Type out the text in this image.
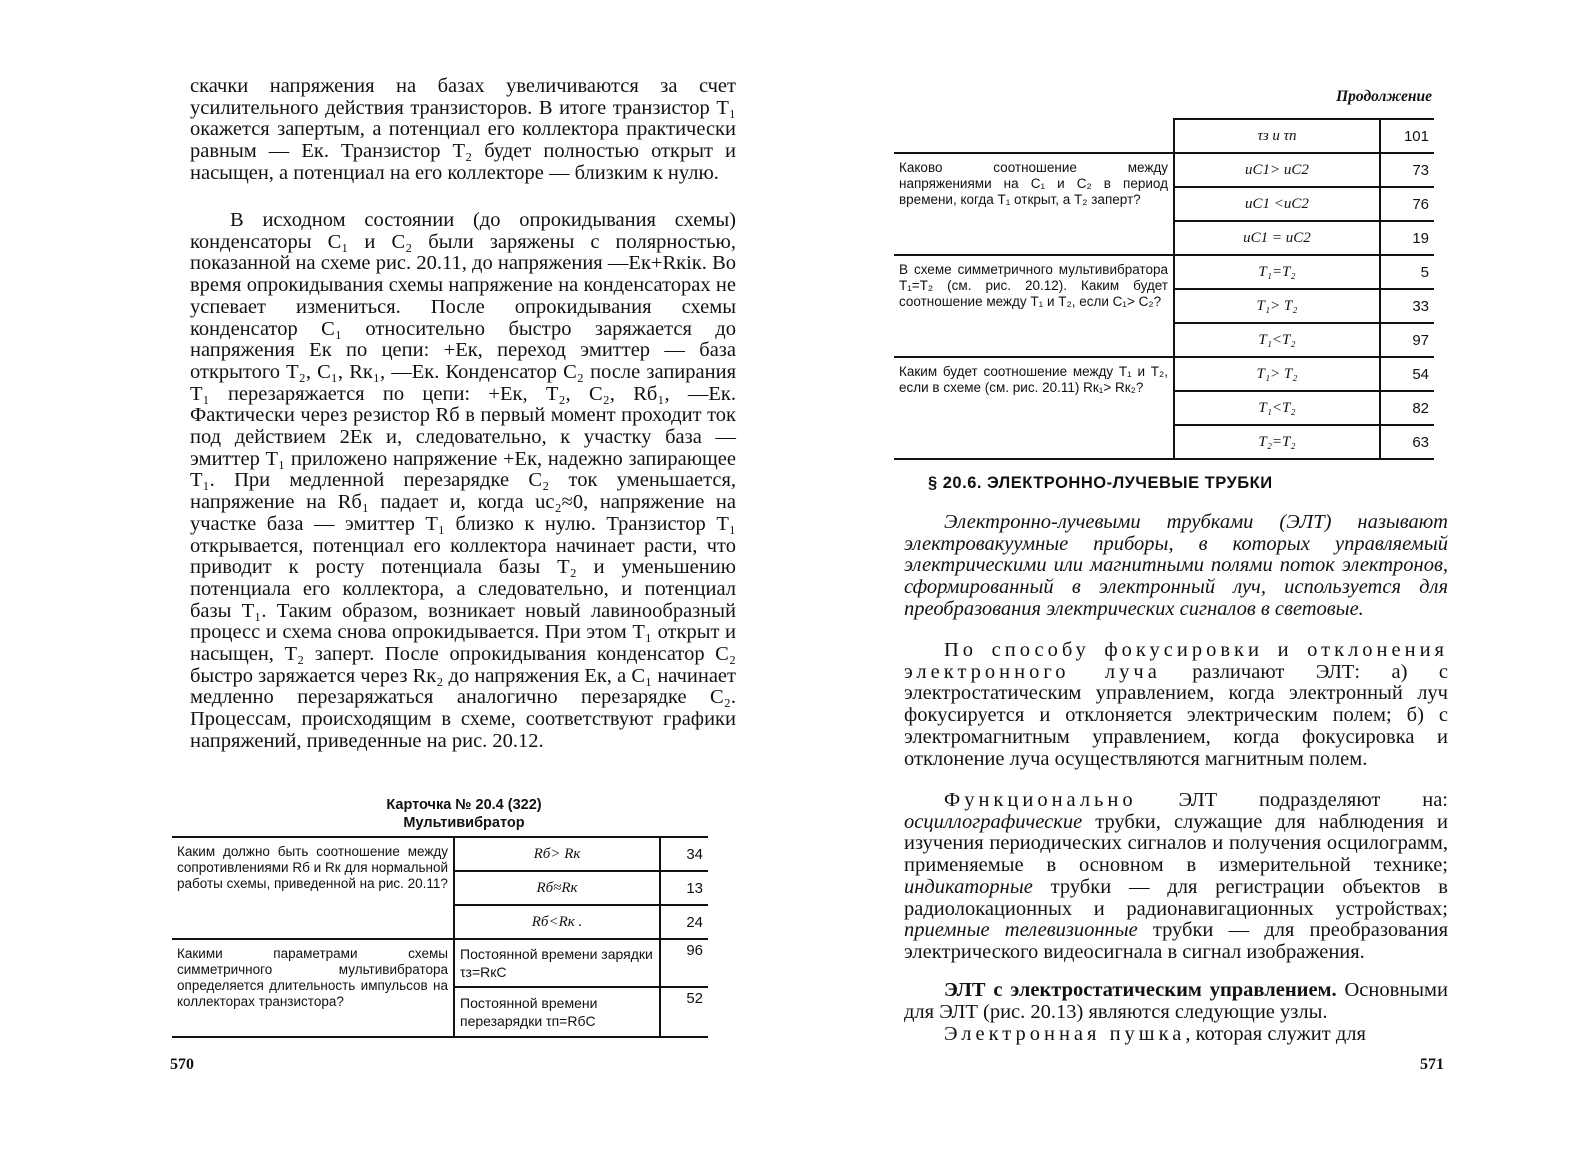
скачки напряжения на базах увеличиваются за счет усилительного действия транзисторов. В итоге транзистор T₁ окажется запертым, а потенциал его коллектора практически равным — Eк. Транзистор T₂ будет полностью открыт и насыщен, а потенциал на его коллекторе — близким к нулю.

В исходном состоянии (до опрокидывания схемы) конденсаторы C₁ и C₂ были заряжены с полярностью, показанной на схеме рис. 20.11, до напряжения —Eк+Rкiк. Во время опрокидывания схемы напряжение на конденсаторах не успевает измениться. После опрокидывания схемы конденсатор C₁ относительно быстро заряжается до напряжения Eк по цепи: +Eк, переход эмиттер — база открытого T₂, C₁, Rк₁, —Eк. Конденсатор C₂ после запирания T₁ перезаряжается по цепи: +Eк, T₂, C₂, Rб₁, —Eк. Фактически через резистор Rб в первый момент проходит ток под действием 2Eк и, следовательно, к участку база — эмиттер T₁ приложено напряжение +Eк, надежно запирающее T₁. При медленной перезарядке C₂ ток уменьшается, напряжение на Rб₁ падает и, когда uс₂≈0, напряжение на участке база — эмиттер T₁ близко к нулю. Транзистор T₁ открывается, потенциал его коллектора начинает расти, что приводит к росту потенциала базы T₂ и уменьшению потенциала его коллектора, а следовательно, и потенциал базы T₁. Таким образом, возникает новый лавинообразный процесс и схема снова опрокидывается. При этом T₁ открыт и насыщен, T₂ заперт. После опрокидывания конденсатор C₂ быстро заряжается через Rк₂ до напряжения Eк, а C₁ начинает медленно перезаряжаться аналогично перезарядке C₂. Процессам, происходящим в схеме, соответствуют графики напряжений, приведенные на рис. 20.12.

Карточка № 20.4 (322)
Мультивибратор
Каким должно быть соотношение между сопротивлениями Rб и Rк для нормальной работы схемы, приведенной на рис. 20.11?	Rб> Rк	34
	Rб≈Rк	13
	Rб<Rк .	24
Какими параметрами схемы симметричного мультивибратора определяется длительность импульсов на коллекторах транзистора?	Постоянной времени зарядки τз=RкC	96
	Постоянной времени перезарядки τп=RбC	52
570
Продолжение
	τз и τп	101
Каково соотношение между напряжениями на C₁ и C₂ в период времени, когда T₁ открыт, а T₂ заперт?	uC1> uC2	73
	uC1 <uC2	76
	uC1 = uC2	19
В схеме симметричного мультивибратора T₁=T₂ (см. рис. 20.12). Каким будет соотношение между T₁ и T₂, если C₁> C₂?	T₁=T₂	5
	T₁> T₂	33
	T₁<T₂	97
Каким будет соотношение между T₁ и T₂, если в схеме (см. рис. 20.11) Rк₁> Rк₂?	T₁> T₂	54
	T₁<T₂	82
	T₂=T₂	63
§ 20.6. ЭЛЕКТРОННО-ЛУЧЕВЫЕ ТРУБКИ

Электронно-лучевыми трубками (ЭЛТ) называют электровакуумные приборы, в которых управляемый электрическими или магнитными полями поток электронов, сформированный в электронный луч, используется для преобразования электрических сигналов в световые.

По способу фокусировки и отклонения электронного луча различают ЭЛТ: а) с электростатическим управлением, когда электронный луч фокусируется и отклоняется электрическим полем; б) с электромагнитным управлением, когда фокусировка и отклонение луча осуществляются магнитным полем.

Функционально ЭЛТ подразделяют на: осциллографические трубки, служащие для наблюдения и изучения периодических сигналов и получения осцилограмм, применяемые в основном в измерительной технике; индикаторные трубки — для регистрации объектов в радиолокационных и радионавигационных устройствах; приемные телевизионные трубки — для преобразования электрического видеосигнала в сигнал изображения.

ЭЛТ с электростатическим управлением. Основными для ЭЛТ (рис. 20.13) являются следующие узлы.

Электронная пушка, которая служит для

571
